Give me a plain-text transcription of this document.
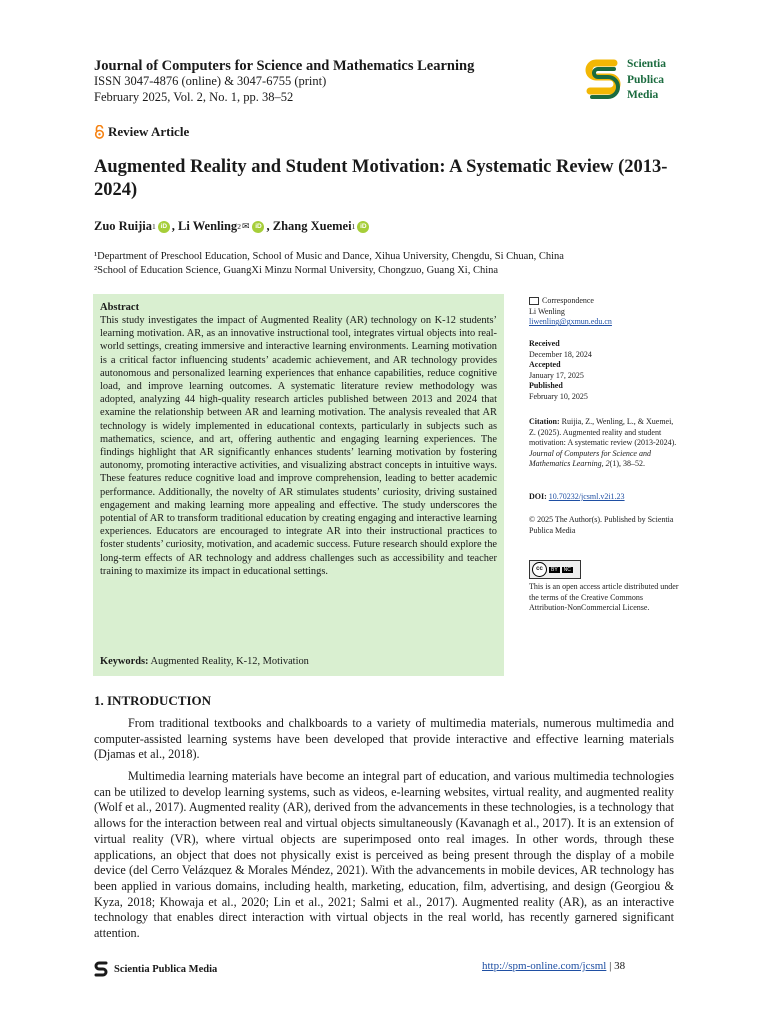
Journal of Computers for Science and Mathematics Learning
ISSN 3047-4876 (online) & 3047-6755 (print)
February 2025, Vol. 2, No. 1, pp. 38–52
Scientia
Publica
Media
Review Article
Augmented Reality and Student Motivation: A Systematic Review (2013-2024)
Zuo Ruijia 1 iD , Li Wenling 2 ✉ iD , Zhang Xuemei 1 iD
¹Department of Preschool Education, School of Music and Dance, Xihua University, Chengdu, Si Chuan, China
²School of Education Science, GuangXi Minzu Normal University, Chongzuo, Guang Xi, China
Abstract
This study investigates the impact of Augmented Reality (AR) technology on K-12 students’ learning motivation. AR, as an innovative instructional tool, integrates virtual objects into real-world settings, creating immersive and interactive learning environments. Learning motivation is a critical factor influencing students’ academic achievement, and AR technology provides autonomous and personalized learning experiences that enhance capabilities, reduce cognitive load, and improve learning outcomes. A systematic literature review methodology was adopted, analyzing 44 high-quality research articles published between 2013 and 2024 that examine the relationship between AR and learning motivation. The analysis revealed that AR technology is widely implemented in educational contexts, particularly in subjects such as mathematics, science, and art, offering authentic and engaging learning experiences. The findings highlight that AR significantly enhances students’ learning motivation by fostering autonomy, promoting interactive activities, and visualizing abstract concepts in intuitive ways. These features reduce cognitive load and improve comprehension, leading to better academic performance. Additionally, the novelty of AR stimulates students’ curiosity, driving sustained engagement and making learning more appealing and effective. The study underscores the potential of AR to transform traditional education by creating engaging and interactive learning experiences. Educators are encouraged to integrate AR into their instructional practices to foster students’ curiosity, motivation, and academic success. Future research should explore the long-term effects of AR technology and address challenges such as accessibility and teacher training to maximize its impact in educational settings.
Keywords: Augmented Reality, K-12, Motivation
Correspondence
Li Wenling
liwenling@gxmun.edu.cn
Received
December 18, 2024
Accepted
January 17, 2025
Published
February 10, 2025
Citation: Ruijia, Z., Wenling, L., & Xuemei, Z. (2025). Augmented reality and student motivation: A systematic review (2013-2024). Journal of Computers for Science and Mathematics Learning, 2(1), 38–52.
DOI: 10.70232/jcsml.v2i1.23
© 2025 The Author(s). Published by Scientia Publica Media
cc	BY	NC
This is an open access article distributed under the terms of the Creative Commons Attribution-NonCommercial License.
1. INTRODUCTION
From traditional textbooks and chalkboards to a variety of multimedia materials, numerous multimedia and computer-assisted learning systems have been developed that provide interactive and effective learning materials (Djamas et al., 2018).
Multimedia learning materials have become an integral part of education, and various multimedia technologies can be utilized to develop learning systems, such as videos, e-learning websites, virtual reality, and augmented reality (Wolf et al., 2017). Augmented reality (AR), derived from the advancements in these technologies, is a technology that allows for the interaction between real and virtual objects simultaneously (Kavanagh et al., 2017). It is an extension of virtual reality (VR), where virtual objects are superimposed onto real images. In other words, through these applications, an object that does not physically exist is perceived as being present through the display of a mobile device (del Cerro Velázquez & Morales Méndez, 2021). With the advancements in mobile devices, AR technology has been applied in various domains, including health, marketing, education, film, advertising, and design (Georgiou & Kyza, 2018; Khowaja et al., 2020; Lin et al., 2021; Salmi et al., 2017). Augmented reality (AR), as an interactive technology that enables direct interaction with virtual objects in the real world, has recently garnered significant attention.
Scientia Publica Media	http://spm-online.com/jcsml | 38
